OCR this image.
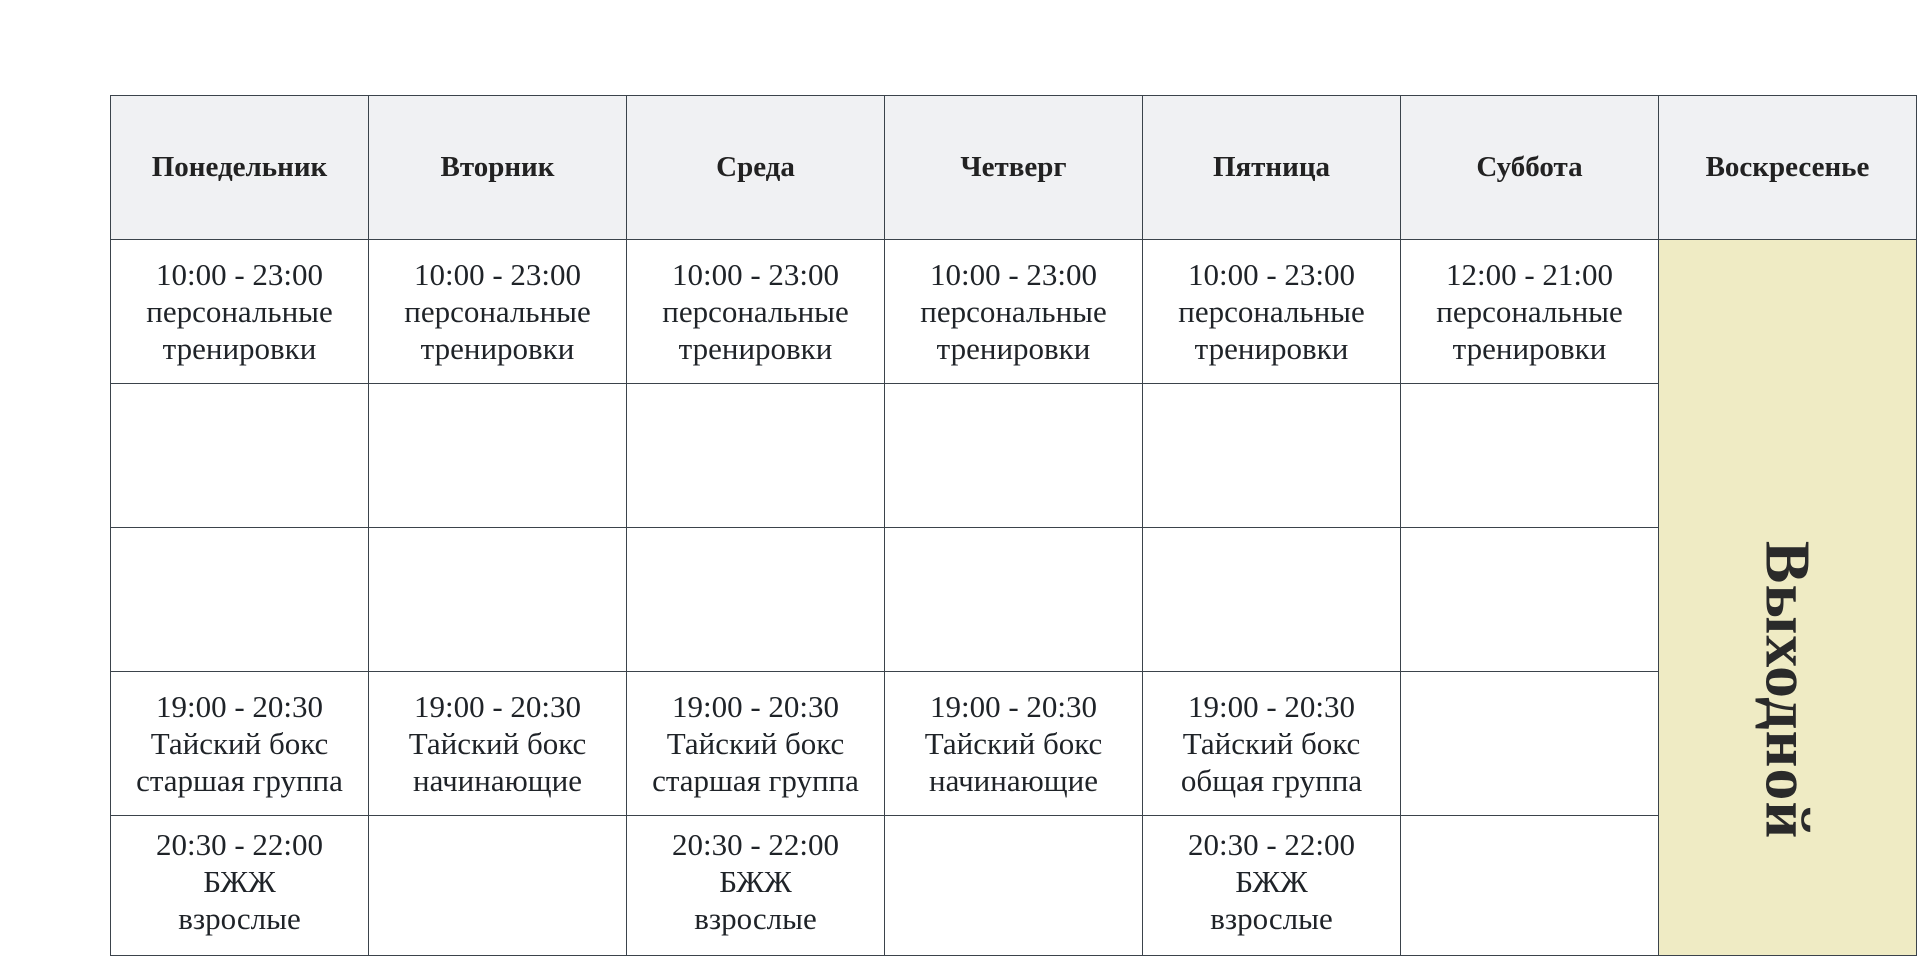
Понедельник	Вторник	Среда	Четверг	Пятница	Суббота	Воскресенье

10:00 - 23:00
персональные
тренировки	10:00 - 23:00
персональные
тренировки	10:00 - 23:00
персональные
тренировки	10:00 - 23:00
персональные
тренировки	10:00 - 23:00
персональные
тренировки	12:00 - 21:00
персональные
тренировки	Выходной

19:00 - 20:30
Тайский бокс
старшая группа	19:00 - 20:30
Тайский бокс
начинающие	19:00 - 20:30
Тайский бокс
старшая группа	19:00 - 20:30
Тайский бокс
начинающие	19:00 - 20:30
Тайский бокс
общая группа		

20:30 - 22:00
БЖЖ
взрослые		20:30 - 22:00
БЖЖ
взрослые		20:30 - 22:00
БЖЖ
взрослые		
